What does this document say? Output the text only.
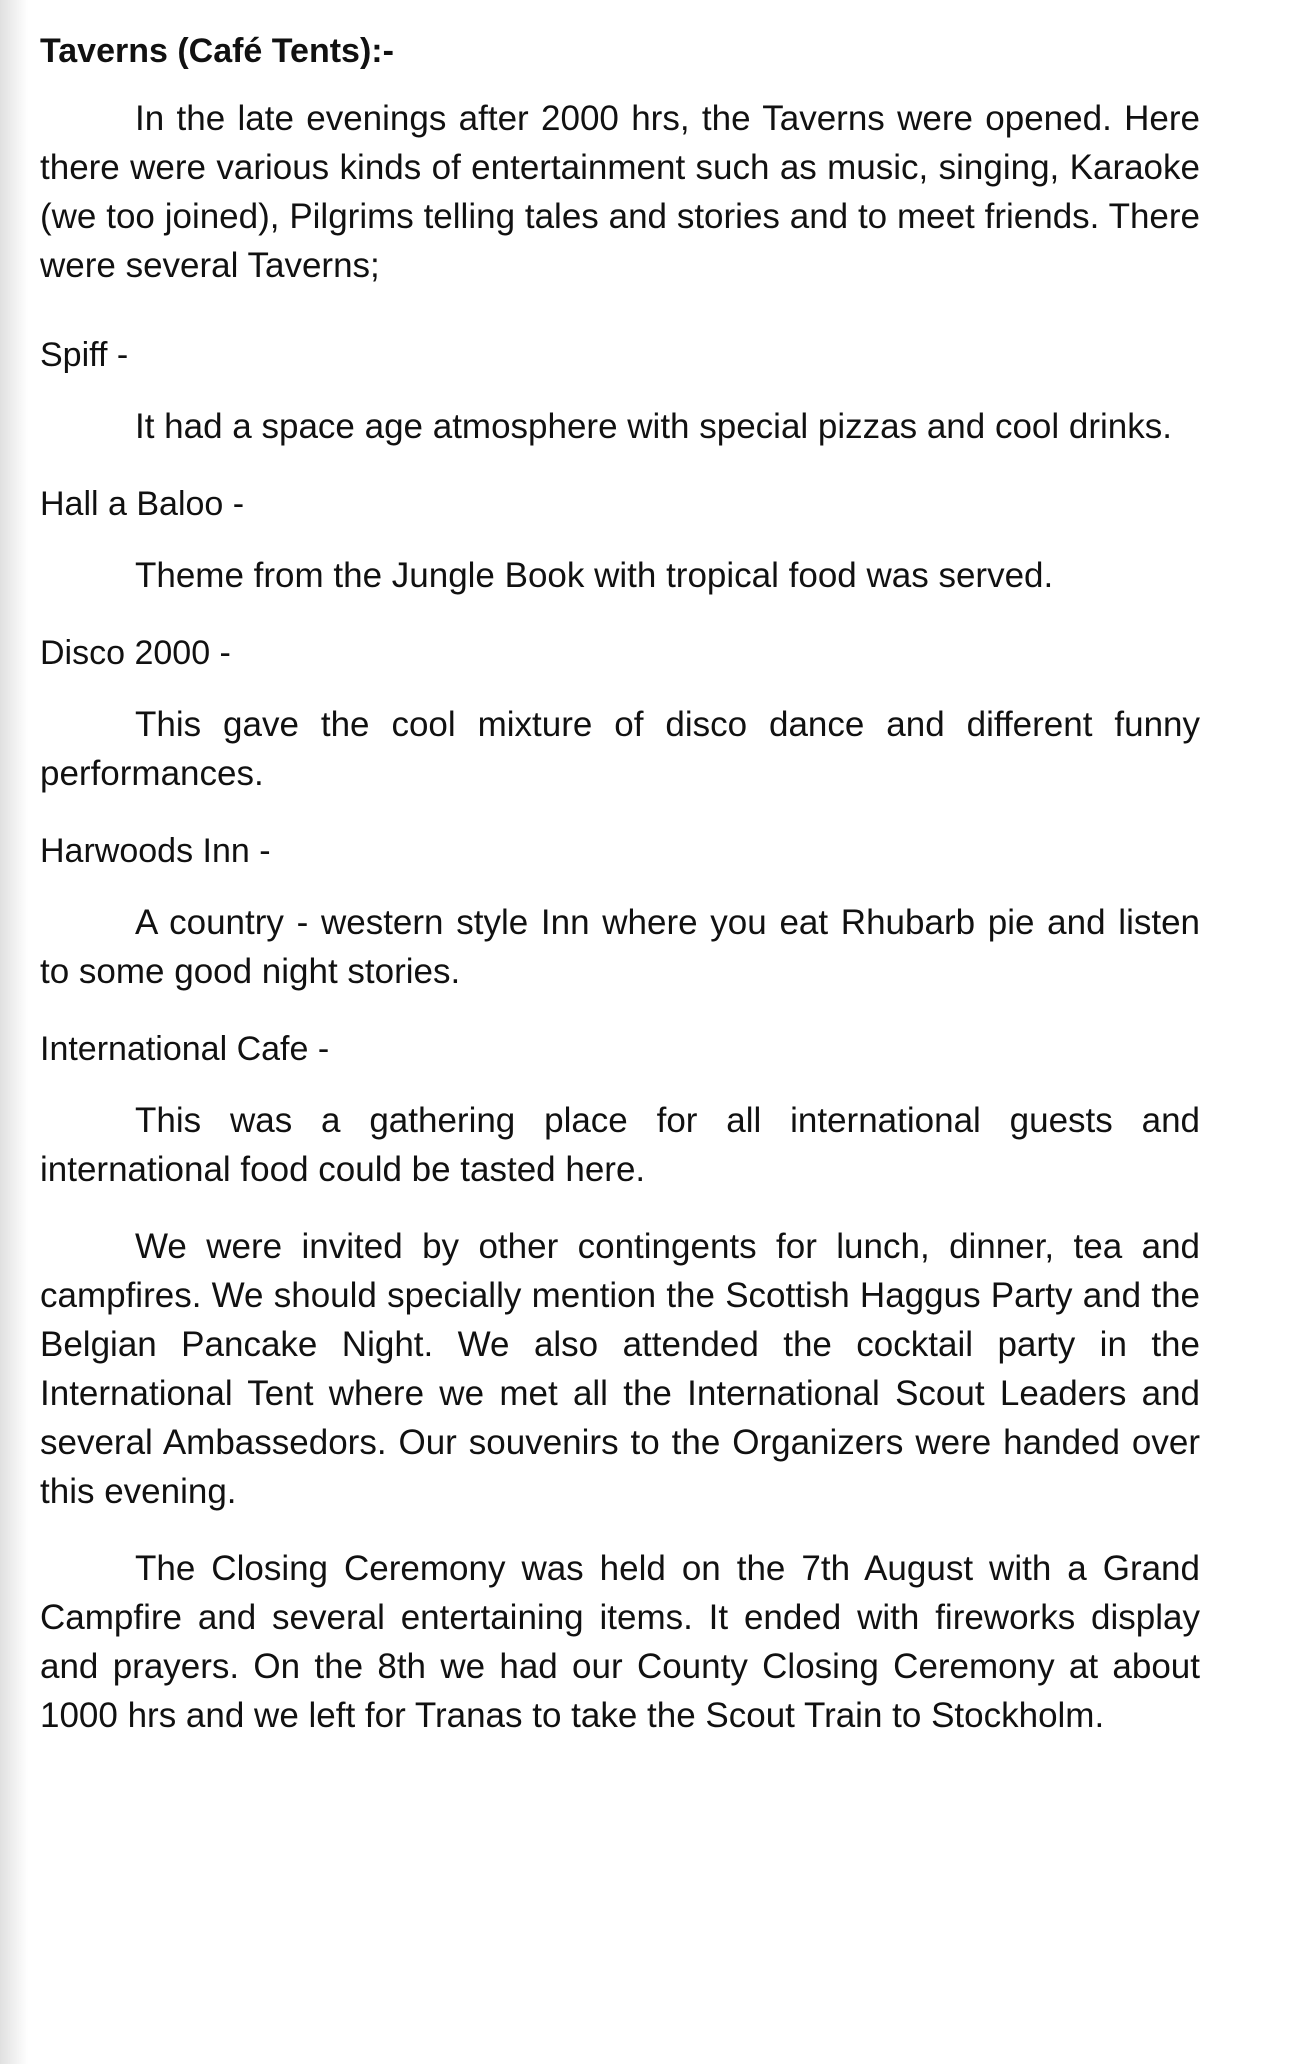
Taverns (Café Tents):-

In the late evenings after 2000 hrs, the Taverns were opened. Here there were various kinds of entertainment such as music, singing, Karaoke (we too joined), Pilgrims telling tales and stories and to meet friends. There were several Taverns;

Spiff -

It had a space age atmosphere with special pizzas and cool drinks.

Hall a Baloo -

Theme from the Jungle Book with tropical food was served.

Disco 2000 -

This gave the cool mixture of disco dance and different funny performances.

Harwoods Inn -

A country - western style Inn where you eat Rhubarb pie and listen to some good night stories.

International Cafe -

This was a gathering place for all international guests and international food could be tasted here.

We were invited by other contingents for lunch, dinner, tea and campfires. We should specially mention the Scottish Haggus Party and the Belgian Pancake Night. We also attended the cocktail party in the International Tent where we met all the International Scout Leaders and several Ambassedors. Our souvenirs to the Organizers were handed over this evening.

The Closing Ceremony was held on the 7th August with a Grand Campfire and several entertaining items. It ended with fireworks display and prayers. On the 8th we had our County Closing Ceremony at about 1000 hrs and we left for Tranas to take the Scout Train to Stockholm.
